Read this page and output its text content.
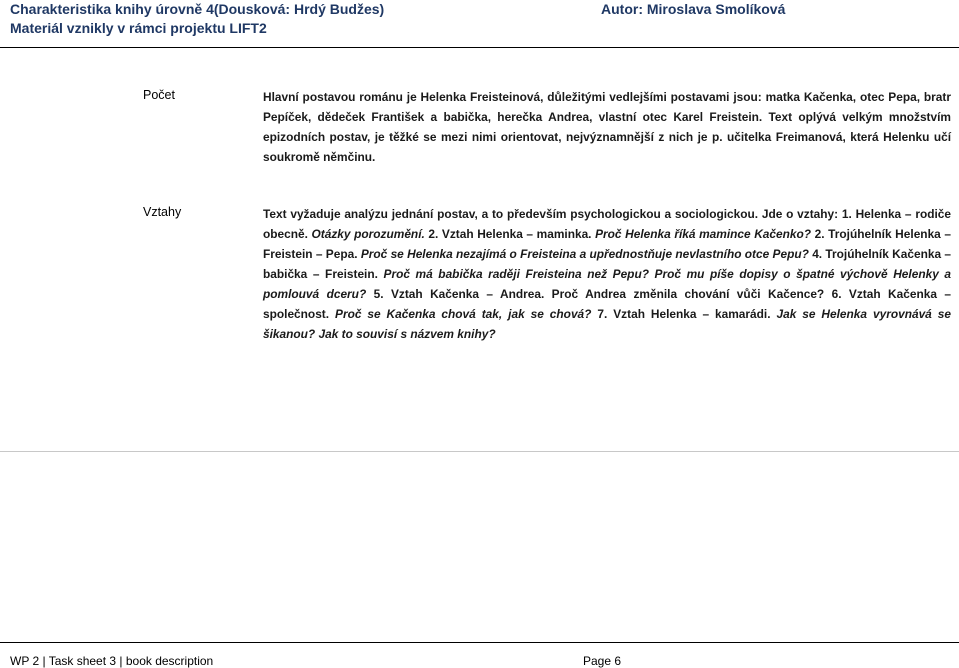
Charakteristika knihy úrovně 4(Dousková: Hrdý Budžes)
Materiál vznikly v rámci projektu LIFT2
Autor: Miroslava Smolíková
Počet	Hlavní postavou románu je Helenka Freisteinová, důležitými vedlejšími postavami jsou: matka Kačenka, otec Pepa, bratr Pepíček, dědeček František a babička, herečka Andrea, vlastní otec Karel Freistein. Text oplývá velkým množstvím epizodních postav, je těžké se mezi nimi orientovat, nejvýznamnější z nich je p. učitelka Freimanová, která Helenku učí soukromě němčinu.
Vztahy	Text vyžaduje analýzu jednání postav, a to především psychologickou a sociologickou. Jde o vztahy: 1. Helenka – rodiče obecně. Otázky porozumění. 2. Vztah Helenka – maminka. Proč Helenka říká mamince Kačenko? 2. Trojúhelník Helenka – Freistein – Pepa. Proč se Helenka nezajímá o Freisteina a upřednostňuje nevlastního otce Pepu? 4. Trojúhelník Kačenka – babička – Freistein. Proč má babička raději Freisteina než Pepu? Proč mu píše dopisy o špatné výchově Helenky a pomlouvá dceru? 5. Vztah Kačenka – Andrea. Proč Andrea změnila chování vůči Kačence? 6. Vztah Kačenka – společnost. Proč se Kačenka chová tak, jak se chová? 7. Vztah Helenka – kamarádi. Jak se Helenka vyrovnává se šikanou? Jak to souvisí s názvem knihy?
WP 2 | Task sheet 3 | book description	Page 6
